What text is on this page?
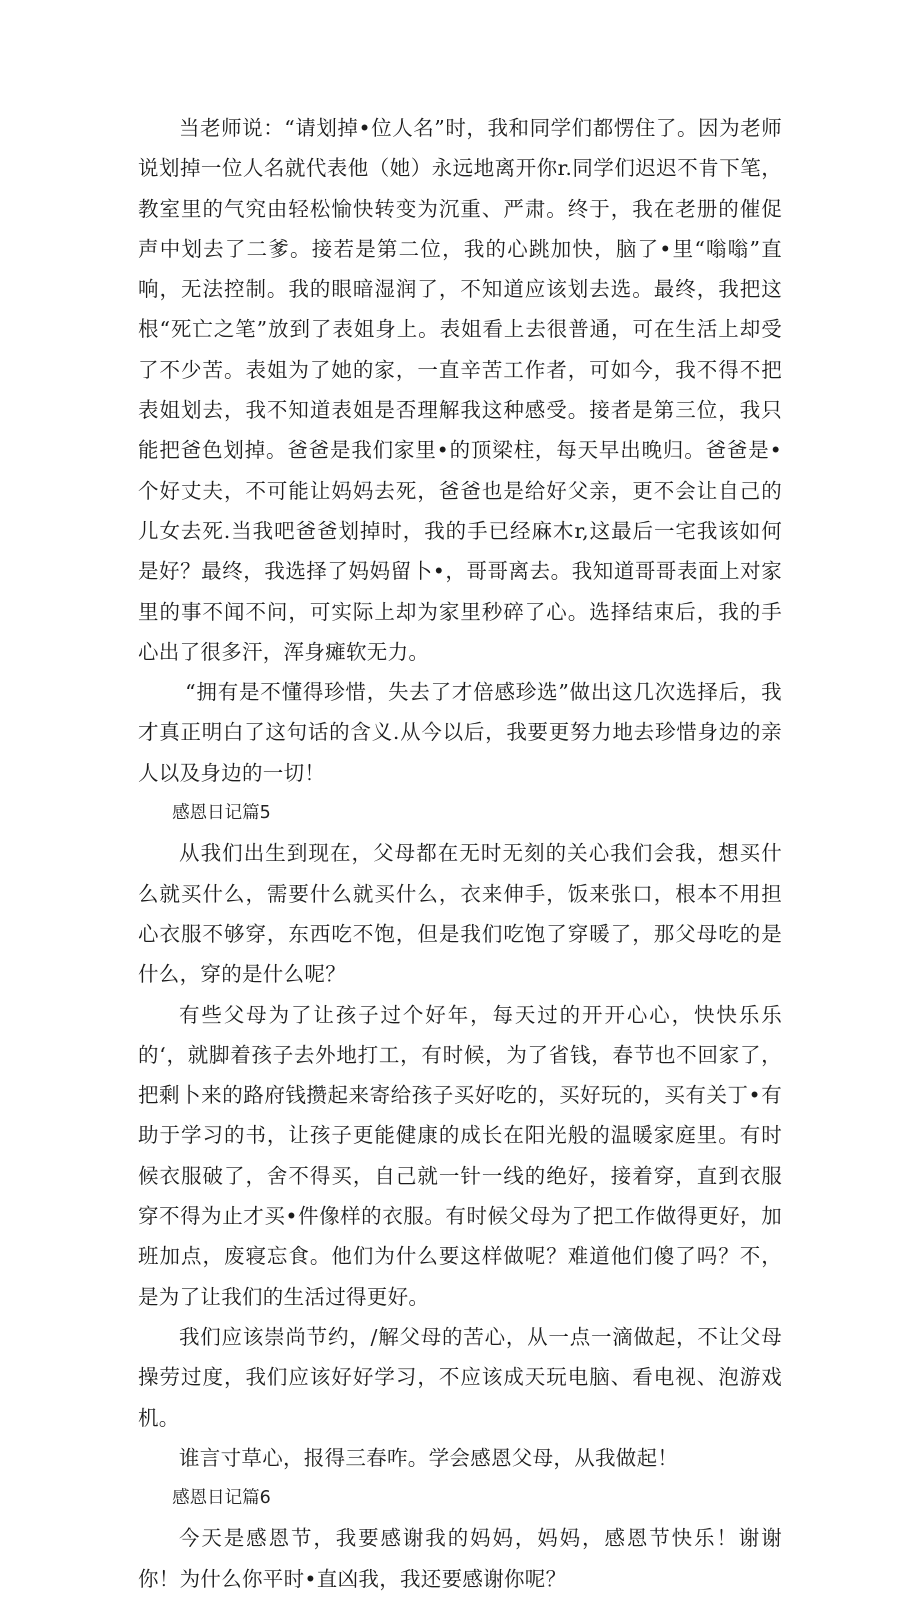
当老师说：“请划掉•位人名”时，我和同学们都愣住了。因为老师说划掉一位人名就代表他（她）永远地离开你r.同学们迟迟不肯下笔，教室里的气究由轻松愉快转变为沉重、严肃。终于，我在老册的催促声中划去了二爹。接若是第二位，我的心跳加快，脑了•里“嗡嗡”直响，无法控制。我的眼暗湿润了，不知道应该划去选。最终，我把这根“死亡之笔”放到了表姐身上。表姐看上去很普通，可在生活上却受了不少苦。表姐为了她的家，一直辛苦工作者，可如今，我不得不把表姐划去，我不知道表姐是否理解我这种感受。接者是第三位，我只能把爸色划掉。爸爸是我们家里•的顶梁柱，每天早出晚归。爸爸是•个好丈夫，不可能让妈妈去死，爸爸也是给好父亲，更不会让自己的儿女去死.当我吧爸爸划掉时，我的手已经麻木r,这最后一宅我该如何是好？最终，我选择了妈妈留卜•，哥哥离去。我知道哥哥表面上对家里的事不闻不问，可实际上却为家里秒碎了心。选择结束后，我的手心出了很多汗，浑身瘫软无力。

“拥有是不懂得珍惜，失去了才倍感珍选”做出这几次选择后，我才真正明白了这句话的含义.从今以后，我要更努力地去珍惜身边的亲人以及身边的一切！

感恩日记篇5

从我们出生到现在，父母都在无时无刻的关心我们会我，想买什么就买什么，需要什么就买什么，衣来伸手，饭来张口，根本不用担心衣服不够穿，东西吃不饱，但是我们吃饱了穿暖了，那父母吃的是什么，穿的是什么呢？

有些父母为了让孩子过个好年，每天过的开开心心，快快乐乐的‘，就脚着孩子去外地打工，有时候，为了省钱，春节也不回家了，把剩卜来的路府钱攒起来寄给孩子买好吃的，买好玩的，买有关丁•有助于学习的书，让孩子更能健康的成长在阳光般的温暖家庭里。有时候衣服破了，舍不得买，自己就一针一线的绝好，接着穿，直到衣服穿不得为止才买•件像样的衣服。有时候父母为了把工作做得更好，加班加点，废寝忘食。他们为什么要这样做呢？难道他们傻了吗？不，是为了让我们的生活过得更好。

我们应该崇尚节约，/解父母的苦心，从一点一滴做起，不让父母操劳过度，我们应该好好学习，不应该成天玩电脑、看电视、泡游戏机。

谁言寸草心，报得三春咋。学会感恩父母，从我做起！

感恩日记篇6

今天是感恩节，我要感谢我的妈妈，妈妈，感恩节快乐！谢谢你！为什么你平时•直凶我，我还要感谢你呢？
